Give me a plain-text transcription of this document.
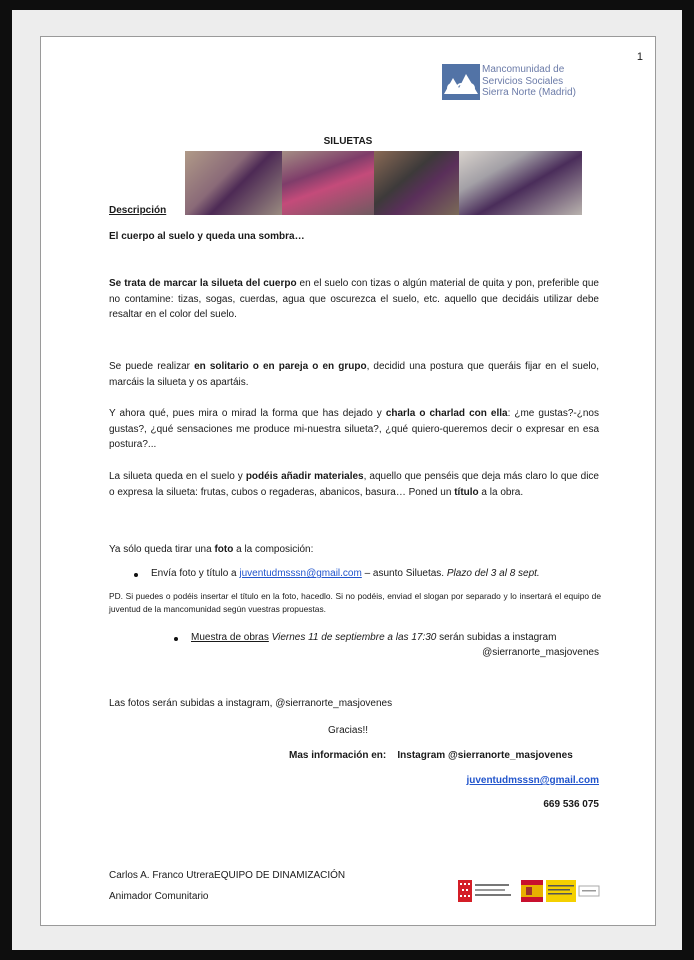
1
Mancomunidad de
Servicios Sociales
Sierra Norte (Madrid)
SILUETAS
Descripción
El cuerpo al suelo y queda una sombra…
Se trata de marcar la silueta del cuerpo en el suelo con tizas o algún material de quita y pon, preferible que no contamine: tizas, sogas, cuerdas, agua que oscurezca el suelo, etc. aquello que decidáis utilizar debe resaltar en el color del suelo.
Se puede realizar en solitario o en pareja o en grupo, decidid una postura que queráis fijar en el suelo, marcáis la silueta y os apartáis.
Y ahora qué, pues mira o mirad la forma que has dejado y charla o charlad con ella: ¿me gustas?-¿nos gustas?, ¿qué sensaciones me produce mi-nuestra silueta?, ¿qué quiero-queremos decir o expresar en esa postura?...
La silueta queda en el suelo y podéis añadir materiales, aquello que penséis que deja más claro lo que dice o expresa la silueta: frutas, cubos o regaderas, abanicos, basura… Poned un título a la obra.
Ya sólo queda tirar una foto a la composición:
Envía foto y título a juventudmsssn@gmail.com – asunto Siluetas. Plazo del 3 al 8 sept.
PD. Si puedes o podéis insertar el título en la foto, hacedlo. Si no podéis, enviad el slogan por separado y lo insertará el equipo de juventud de la mancomunidad según vuestras propuestas.
Muestra de obras Viernes 11 de septiembre a las 17:30 serán subidas a instagram
@sierranorte_masjovenes
Las fotos serán subidas a instagram, @sierranorte_masjovenes
Gracias!!
Mas información en: Instagram @sierranorte_masjovenes
juventudmsssn@gmail.com
669 536 075
Carlos A. Franco UtreraEQUIPO DE DINAMIZACIÓN
Animador Comunitario
